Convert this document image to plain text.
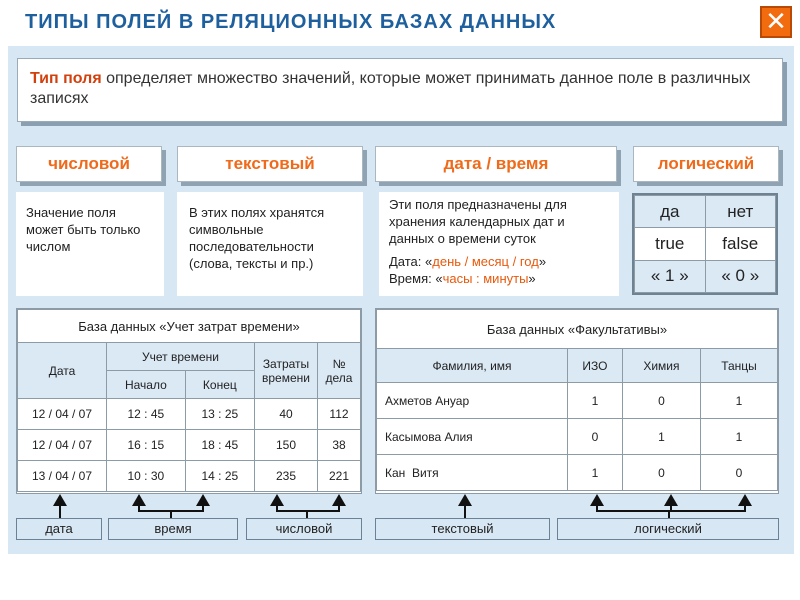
ТИПЫ ПОЛЕЙ В РЕЛЯЦИОННЫХ БАЗАХ ДАННЫХ	✕
Тип поля определяет множество значений, которые может принимать данное поле в различных записях
числовой	текстовый	дата / время	логический
Значение поля может быть только числом
В этих полях хранятся символьные последовательности (слова, тексты и пр.)
Эти поля предназначены для хранения календарных дат и данных о времени суток
Дата: «день / месяц / год»
Время: «часы : минуты»
да	нет
true	false
« 1 »	« 0 »
База данных «Учет затрат времени»				
Дата	Учет времени		Затраты времени	№ дела
	Начало	Конец		
12 / 04 / 07	12 : 45	13 : 25	40	112
12 / 04 / 07	16 : 15	18 : 45	150	38
13 / 04 / 07	10 : 30	14 : 25	235	221
База данных «Факультативы»			
Фамилия, имя	ИЗО	Химия	Танцы
Ахметов Ануар	1	0	1
Касымова Алия	0	1	1
Кан  Витя	1	0	0
дата	время	числовой	текстовый	логический
